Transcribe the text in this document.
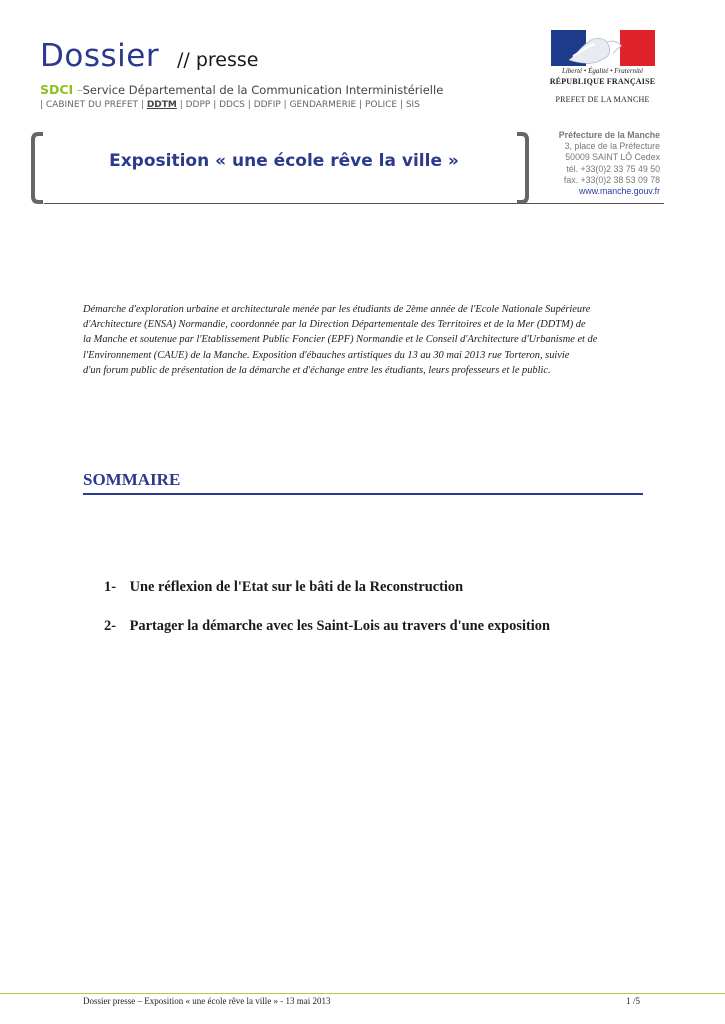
Dossier // presse
SDCI –Service Départemental de la Communication Interministérielle
| CABINET DU PREFET | DDTM | DDPP | DDCS | DDFIP | GENDARMERIE | POLICE | SIS
Liberté • Égalité • Fraternité
RÉPUBLIQUE FRANÇAISE
PREFET DE LA MANCHE
Exposition « une école rêve la ville »
Préfecture de la Manche
3, place de la Préfecture
50009 SAINT LÔ Cedex
tél. +33(0)2 33 75 49 50
fax. +33(0)2 38 53 09 78
www.manche.gouv.fr
Démarche d'exploration urbaine et architecturale menée par les étudiants de 2ème année de l'Ecole Nationale Supérieure
d'Architecture (ENSA) Normandie, coordonnée par la Direction Départementale des Territoires et de la Mer (DDTM) de
la Manche et soutenue par l'Etablissement Public Foncier (EPF) Normandie et le Conseil d'Architecture d'Urbanisme et de
l'Environnement (CAUE) de la Manche. Exposition d'ébauches artistiques du 13 au 30 mai 2013 rue Torteron, suivie
d'un forum public de présentation de la démarche et d'échange entre les étudiants, leurs professeurs et le public.
SOMMAIRE
1- Une réflexion de l'Etat sur le bâti de la Reconstruction
2- Partager la démarche avec les Saint-Lois au travers d'une exposition
Dossier presse – Exposition « une école rêve la ville » - 13 mai 2013	1 /5
